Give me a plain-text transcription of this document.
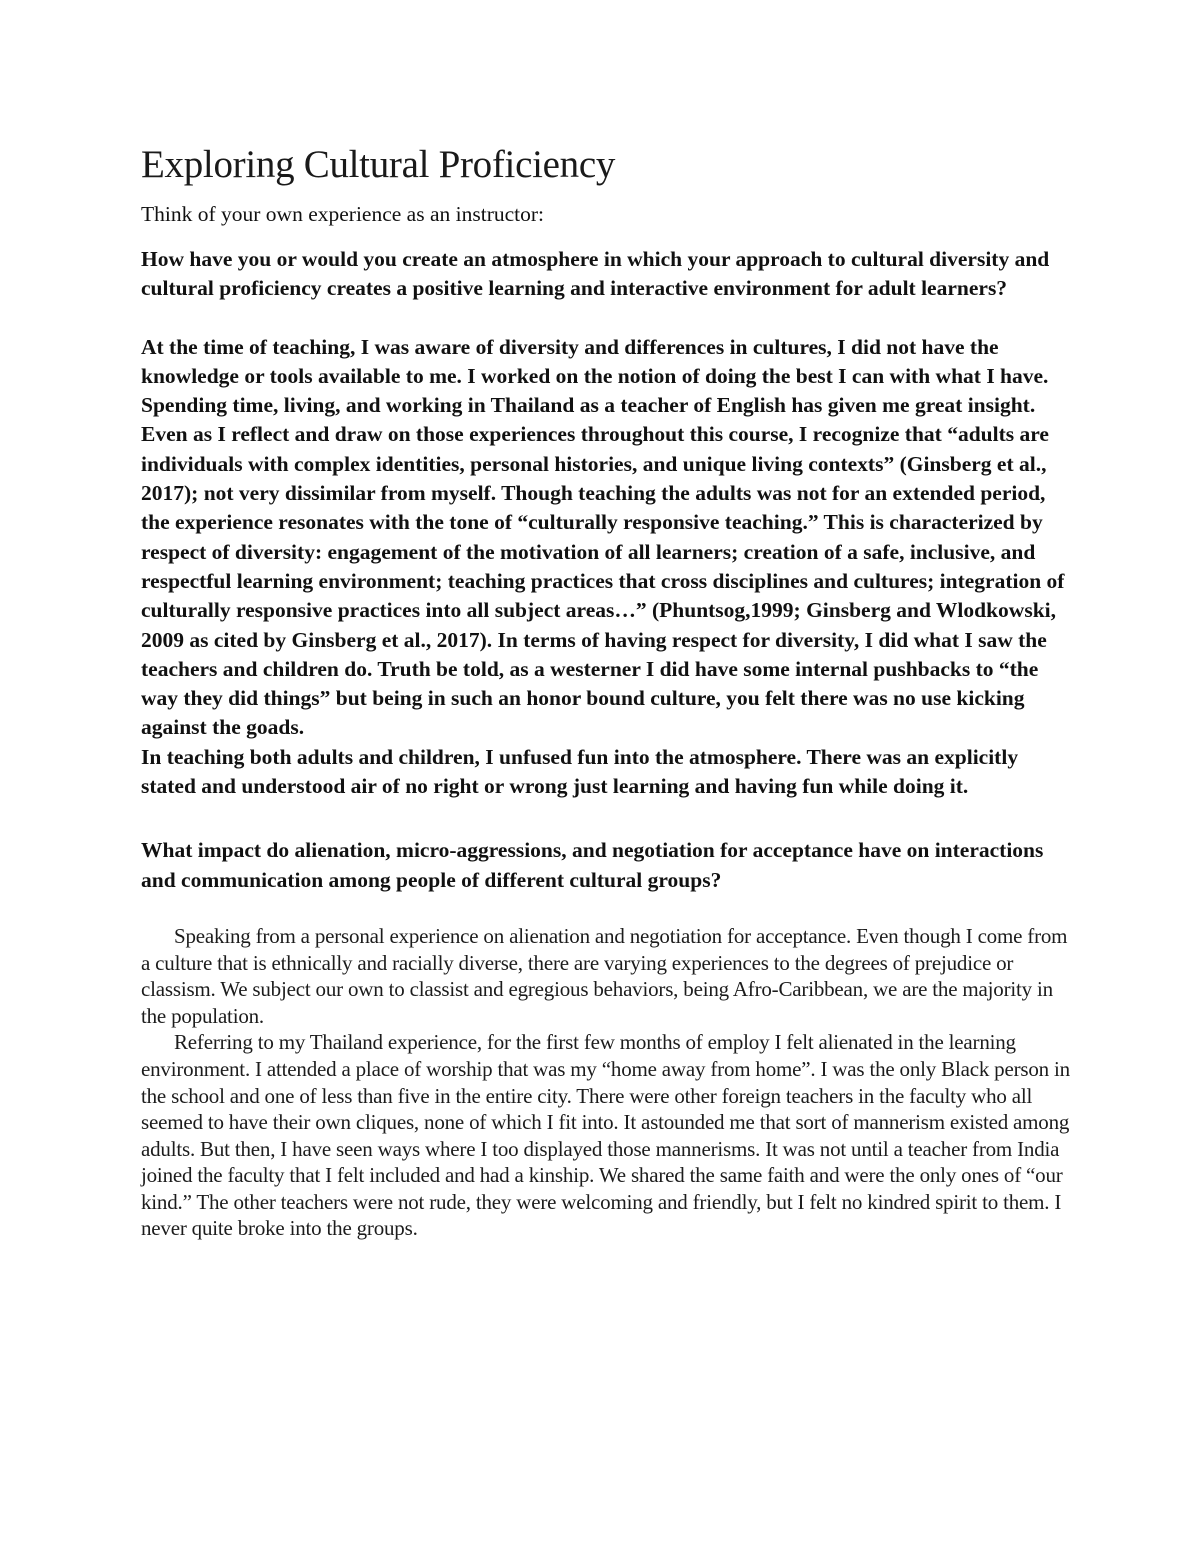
Exploring Cultural Proficiency

Think of your own experience as an instructor:

How have you or would you create an atmosphere in which your approach to cultural diversity and cultural proficiency creates a positive learning and interactive environment for adult learners?

At the time of teaching, I was aware of diversity and differences in cultures, I did not have the knowledge or tools available to me. I worked on the notion of doing the best I can with what I have. Spending time, living, and working in Thailand as a teacher of English has given me great insight. Even as I reflect and draw on those experiences throughout this course, I recognize that “adults are individuals with complex identities, personal histories, and unique living contexts” (Ginsberg et al., 2017); not very dissimilar from myself. Though teaching the adults was not for an extended period, the experience resonates with the tone of “culturally responsive teaching.” This is characterized by respect of diversity: engagement of the motivation of all learners; creation of a safe, inclusive, and respectful learning environment; teaching practices that cross disciplines and cultures; integration of culturally responsive practices into all subject areas…” (Phuntsog,1999; Ginsberg and Wlodkowski, 2009 as cited by Ginsberg et al., 2017). In terms of having respect for diversity, I did what I saw the teachers and children do. Truth be told, as a westerner I did have some internal pushbacks to “the way they did things” but being in such an honor bound culture, you felt there was no use kicking against the goads.

In teaching both adults and children, I unfused fun into the atmosphere. There was an explicitly stated and understood air of no right or wrong just learning and having fun while doing it.

What impact do alienation, micro-aggressions, and negotiation for acceptance have on interactions and communication among people of different cultural groups?

Speaking from a personal experience on alienation and negotiation for acceptance. Even though I come from a culture that is ethnically and racially diverse, there are varying experiences to the degrees of prejudice or classism. We subject our own to classist and egregious behaviors, being Afro-Caribbean, we are the majority in the population.

Referring to my Thailand experience, for the first few months of employ I felt alienated in the learning environment. I attended a place of worship that was my “home away from home”. I was the only Black person in the school and one of less than five in the entire city. There were other foreign teachers in the faculty who all seemed to have their own cliques, none of which I fit into. It astounded me that sort of mannerism existed among adults. But then, I have seen ways where I too displayed those mannerisms. It was not until a teacher from India joined the faculty that I felt included and had a kinship. We shared the same faith and were the only ones of “our kind.” The other teachers were not rude, they were welcoming and friendly, but I felt no kindred spirit to them. I never quite broke into the groups.
